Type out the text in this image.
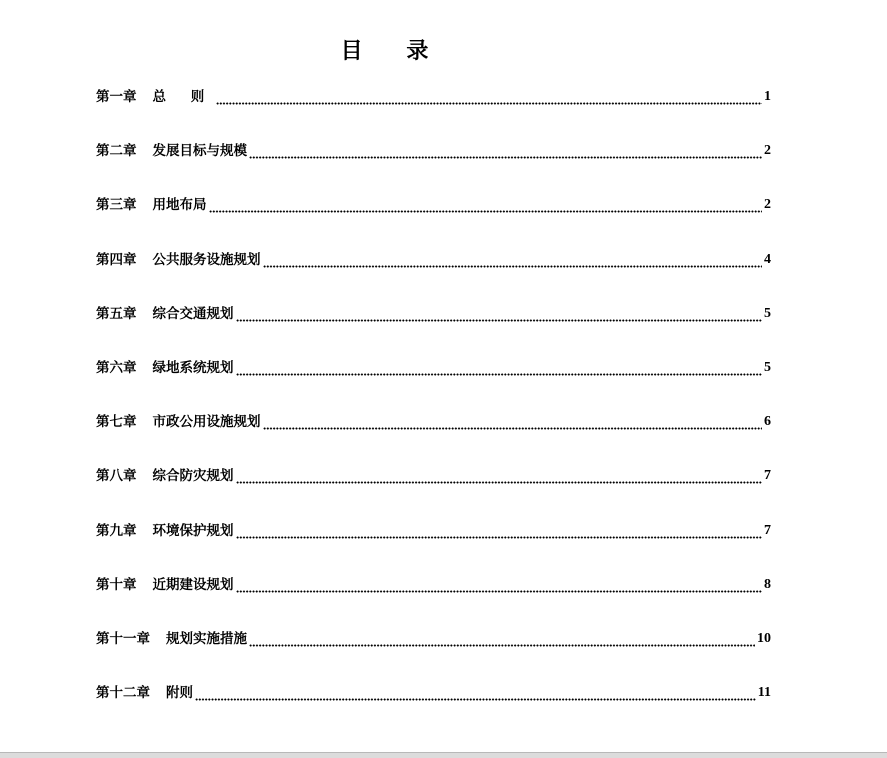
目 录
第一章 总 则	1
第二章 发展目标与规模	2
第三章 用地布局	2
第四章 公共服务设施规划	4
第五章 综合交通规划	5
第六章 绿地系统规划	5
第七章 市政公用设施规划	6
第八章 综合防灾规划	7
第九章 环境保护规划	7
第十章 近期建设规划	8
第十一章 规划实施措施	10
第十二章 附则	11
